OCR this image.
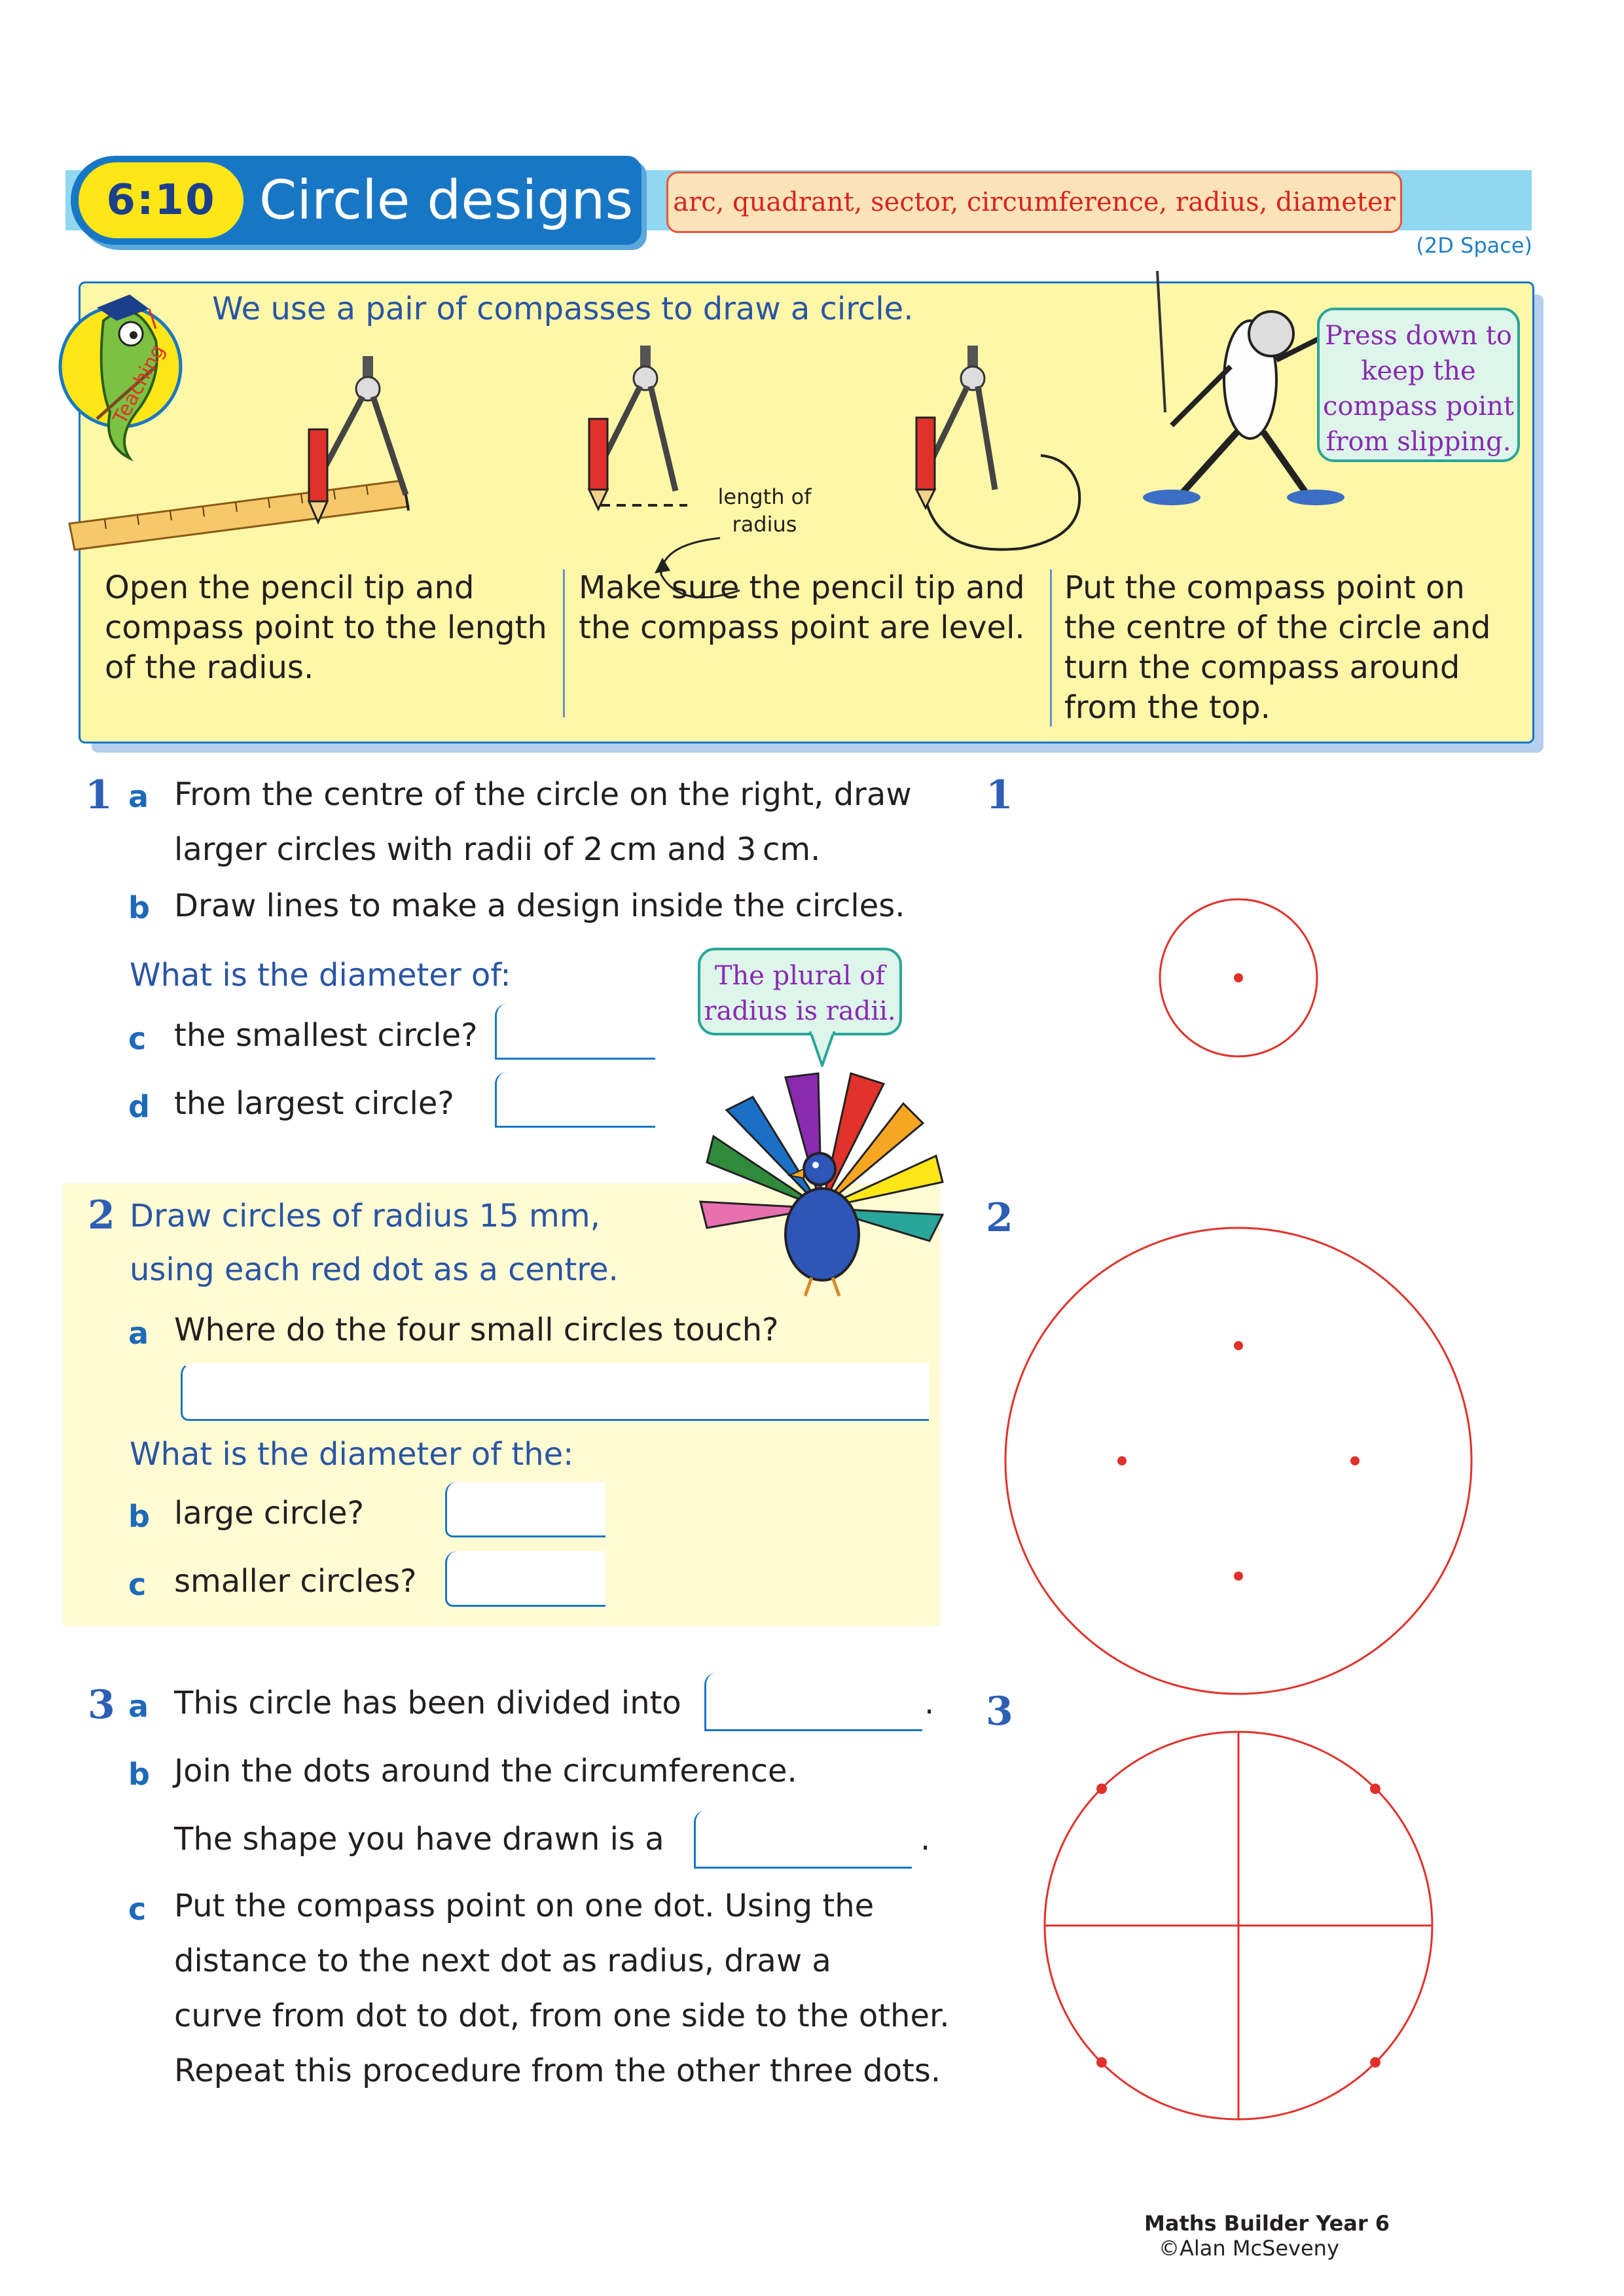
6:10 Circle designs arc, quadrant, sector, circumference, radius, diameter
(2D Space)
Teaching
We use a pair of compasses to draw a circle.
length of radius
Press down to keep the compass point from slipping.
Open the pencil tip and compass point to the length of the radius.
Make sure the pencil tip and the compass point are level.
Put the compass point on the centre of the circle and turn the compass around from the top.
1 a From the centre of the circle on the right, draw
larger circles with radii of 2 cm and 3 cm.
b Draw lines to make a design inside the circles.
What is the diameter of:
c the smallest circle?
d the largest circle?
The plural of radius is radii.
2 Draw circles of radius 15 mm,
using each red dot as a centre.
a Where do the four small circles touch?
What is the diameter of the:
b large circle?
c smaller circles?
3 a This circle has been divided into	.
b Join the dots around the circumference.
The shape you have drawn is a	.
c Put the compass point on one dot. Using the
distance to the next dot as radius, draw a
curve from dot to dot, from one side to the other.
Repeat this procedure from the other three dots.
1
2
3
Maths Builder Year 6
©Alan McSeveny
